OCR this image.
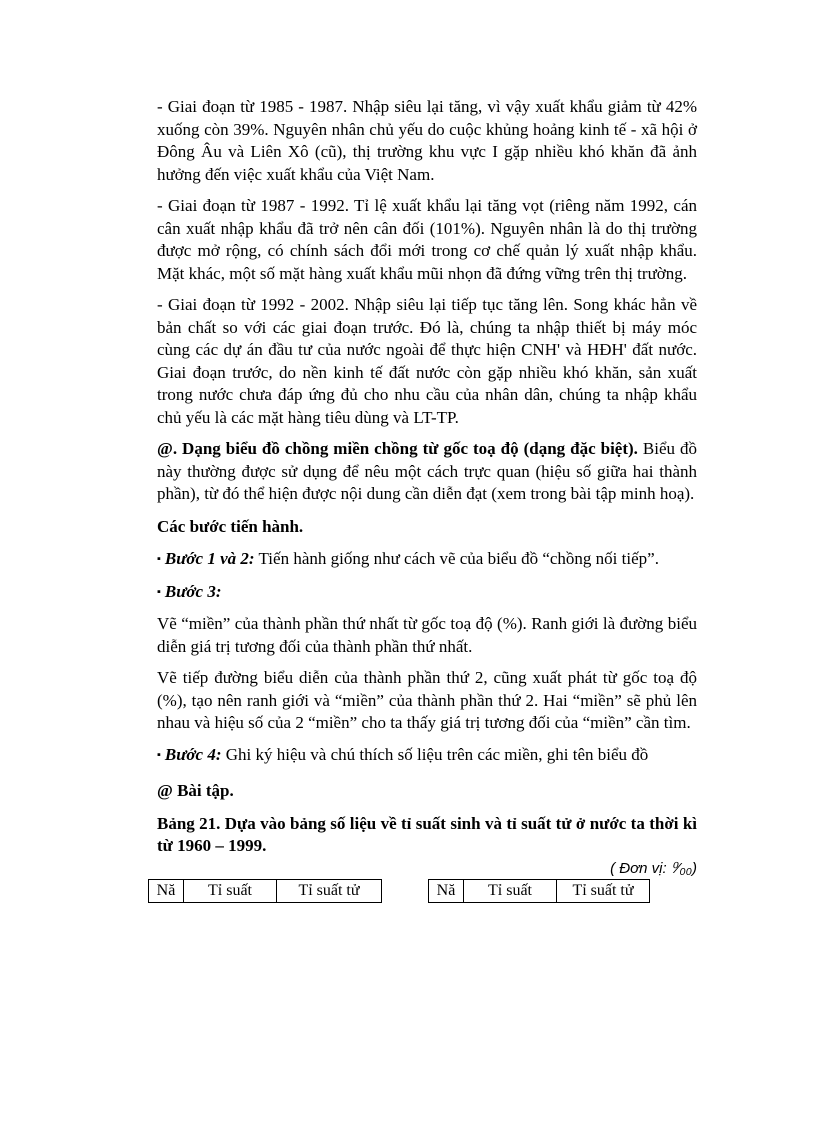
- Giai đoạn từ 1985 - 1987. Nhập siêu lại tăng, vì vậy xuất khẩu giảm từ 42% xuống còn 39%. Nguyên nhân chủ yếu do cuộc khủng hoảng kinh tế - xã hội ở Đông Âu và Liên Xô (cũ), thị trường khu vực I gặp nhiều khó khăn đã ảnh hưởng đến việc xuất khẩu của Việt Nam.

- Giai đoạn từ 1987 - 1992. Tỉ lệ xuất khẩu lại tăng vọt (riêng năm 1992, cán cân xuất nhập khẩu đã trở nên cân đối (101%). Nguyên nhân là do thị trường được mở rộng, có chính sách đổi mới trong cơ chế quản lý xuất nhập khẩu. Mặt khác, một số mặt hàng xuất khẩu mũi nhọn đã đứng vững trên thị trường.

- Giai đoạn từ 1992 - 2002. Nhập siêu lại tiếp tục tăng lên. Song khác hẳn về bản chất so với các giai đoạn trước. Đó là, chúng ta nhập thiết bị máy móc cùng các dự án đầu tư của nước ngoài để thực hiện CNH' và HĐH' đất nước. Giai đoạn trước, do nền kinh tế đất nước còn gặp nhiều khó khăn, sản xuất trong nước chưa đáp ứng đủ cho nhu cầu của nhân dân, chúng ta nhập khẩu chủ yếu là các mặt hàng tiêu dùng và LT-TP.

@. Dạng biểu đồ chồng miền chồng từ gốc toạ độ (dạng đặc biệt). Biểu đồ này thường được sử dụng để nêu một cách trực quan (hiệu số giữa hai thành phần), từ đó thể hiện được nội dung cần diễn đạt (xem trong bài tập minh hoạ).

Các bước tiến hành.

▪ Bước 1 và 2: Tiến hành giống như cách vẽ của biểu đồ “chồng nối tiếp”.

▪ Bước 3:

Vẽ “miền” của thành phần thứ nhất từ gốc toạ độ (%). Ranh giới là đường biểu diễn giá trị tương đối của thành phần thứ nhất.

Vẽ tiếp đường biểu diễn của thành phần thứ 2, cũng xuất phát từ gốc toạ độ (%), tạo nên ranh giới và “miền” của thành phần thứ 2. Hai “miền” sẽ phủ lên nhau và hiệu số của 2 “miền” cho ta thấy giá trị tương đối của “miền” cần tìm.

▪ Bước 4: Ghi ký hiệu và chú thích số liệu trên các miền, ghi tên biểu đồ

@ Bài tập.

Bảng 21. Dựa vào bảng số liệu về tỉ suất sinh và tỉ suất tử ở nước ta thời kì từ 1960 – 1999.

( Đơn vị: ⁰⁄₀₀)
Nă	Tỉ suất	Tỉ suất tử	Nă	Tỉ suất	Tỉ suất tử
